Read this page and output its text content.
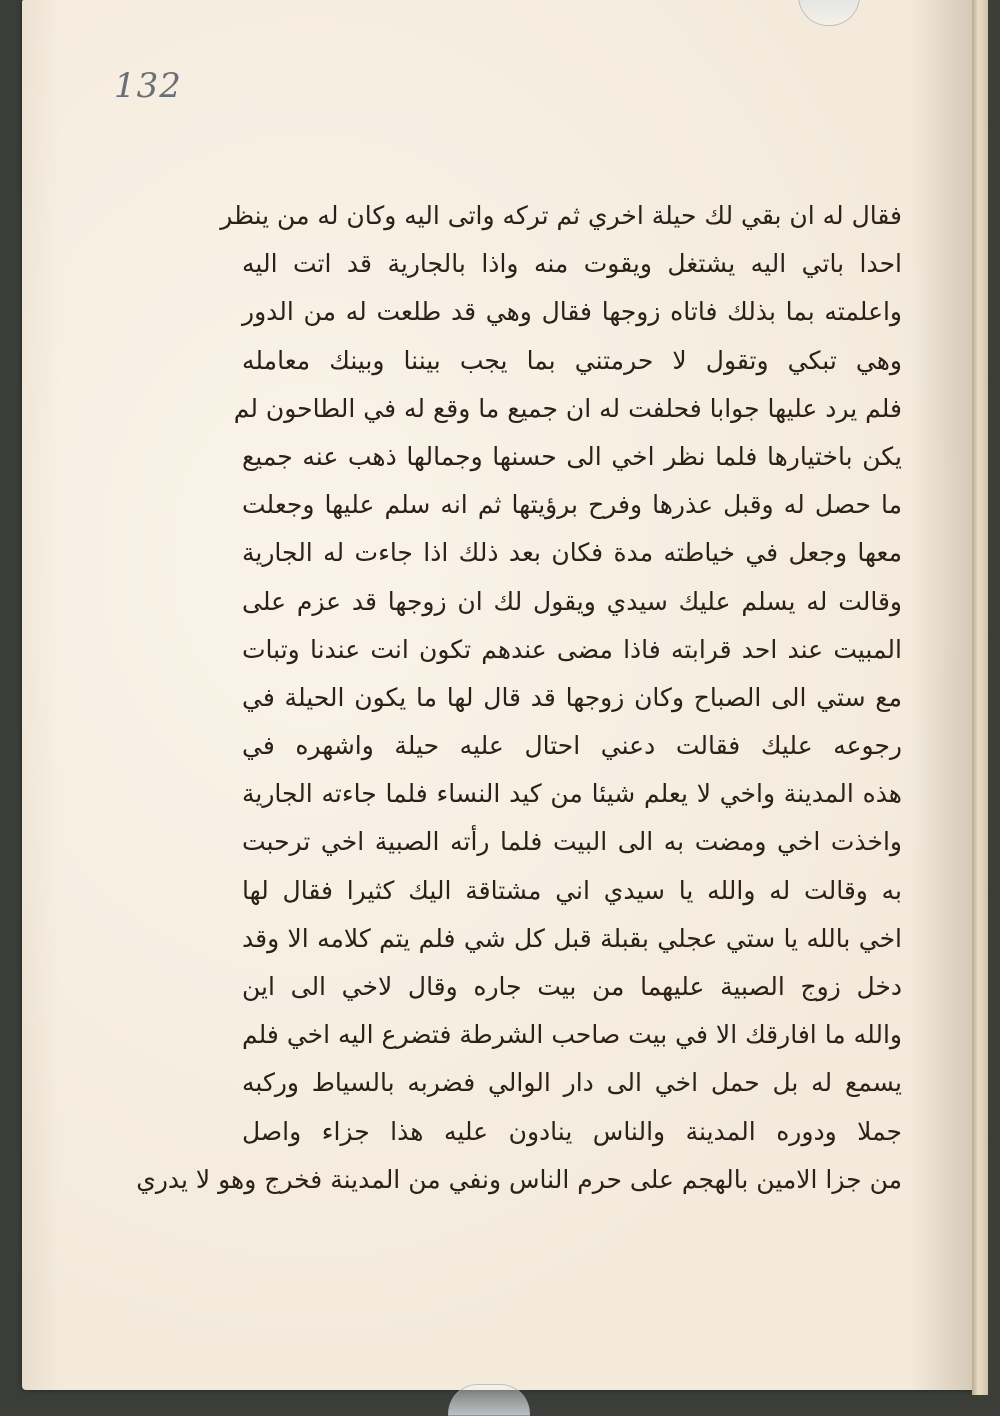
132
فقال له ان بقي لك حيلة اخري ثم تركه واتى اليه وكان له من ينظر
احدا باتي اليه يشتغل ويقوت منه واذا بالجارية قد اتت اليه
واعلمته بما بذلك فاتاه زوجها فقال وهي قد طلعت له من الدور
وهي تبكي وتقول لا حرمتني بما يجب بيننا وبينك معامله
فلم يرد عليها جوابا فحلفت له ان جميع ما وقع له في الطاحون لم
يكن باختيارها فلما نظر اخي الى حسنها وجمالها ذهب عنه جميع
ما حصل له وقبل عذرها وفرح برؤيتها ثم انه سلم عليها وجعلت
معها وجعل في خياطته مدة فكان بعد ذلك اذا جاءت له الجارية
وقالت له يسلم عليك سيدي ويقول لك ان زوجها قد عزم على
المبيت عند احد قرابته فاذا مضى عندهم تكون انت عندنا وتبات
مع ستي الى الصباح وكان زوجها قد قال لها ما يكون الحيلة في
رجوعه عليك فقالت دعني احتال عليه حيلة واشهره في
هذه المدينة واخي لا يعلم شيئا من كيد النساء فلما جاءته الجارية
واخذت اخي ومضت به الى البيت فلما رأته الصبية اخي ترحبت
به وقالت له والله يا سيدي اني مشتاقة اليك كثيرا فقال لها
اخي بالله يا ستي عجلي بقبلة قبل كل شي فلم يتم كلامه الا وقد
دخل زوج الصبية عليهما من بيت جاره وقال لاخي الى اين
والله ما افارقك الا في بيت صاحب الشرطة فتضرع اليه اخي فلم
يسمع له بل حمل اخي الى دار الوالي فضربه بالسياط وركبه
جملا ودوره المدينة والناس ينادون عليه هذا جزاء واصل
من جزا الامين بالهجم على حرم الناس ونفي من المدينة فخرج وهو لا يدري
